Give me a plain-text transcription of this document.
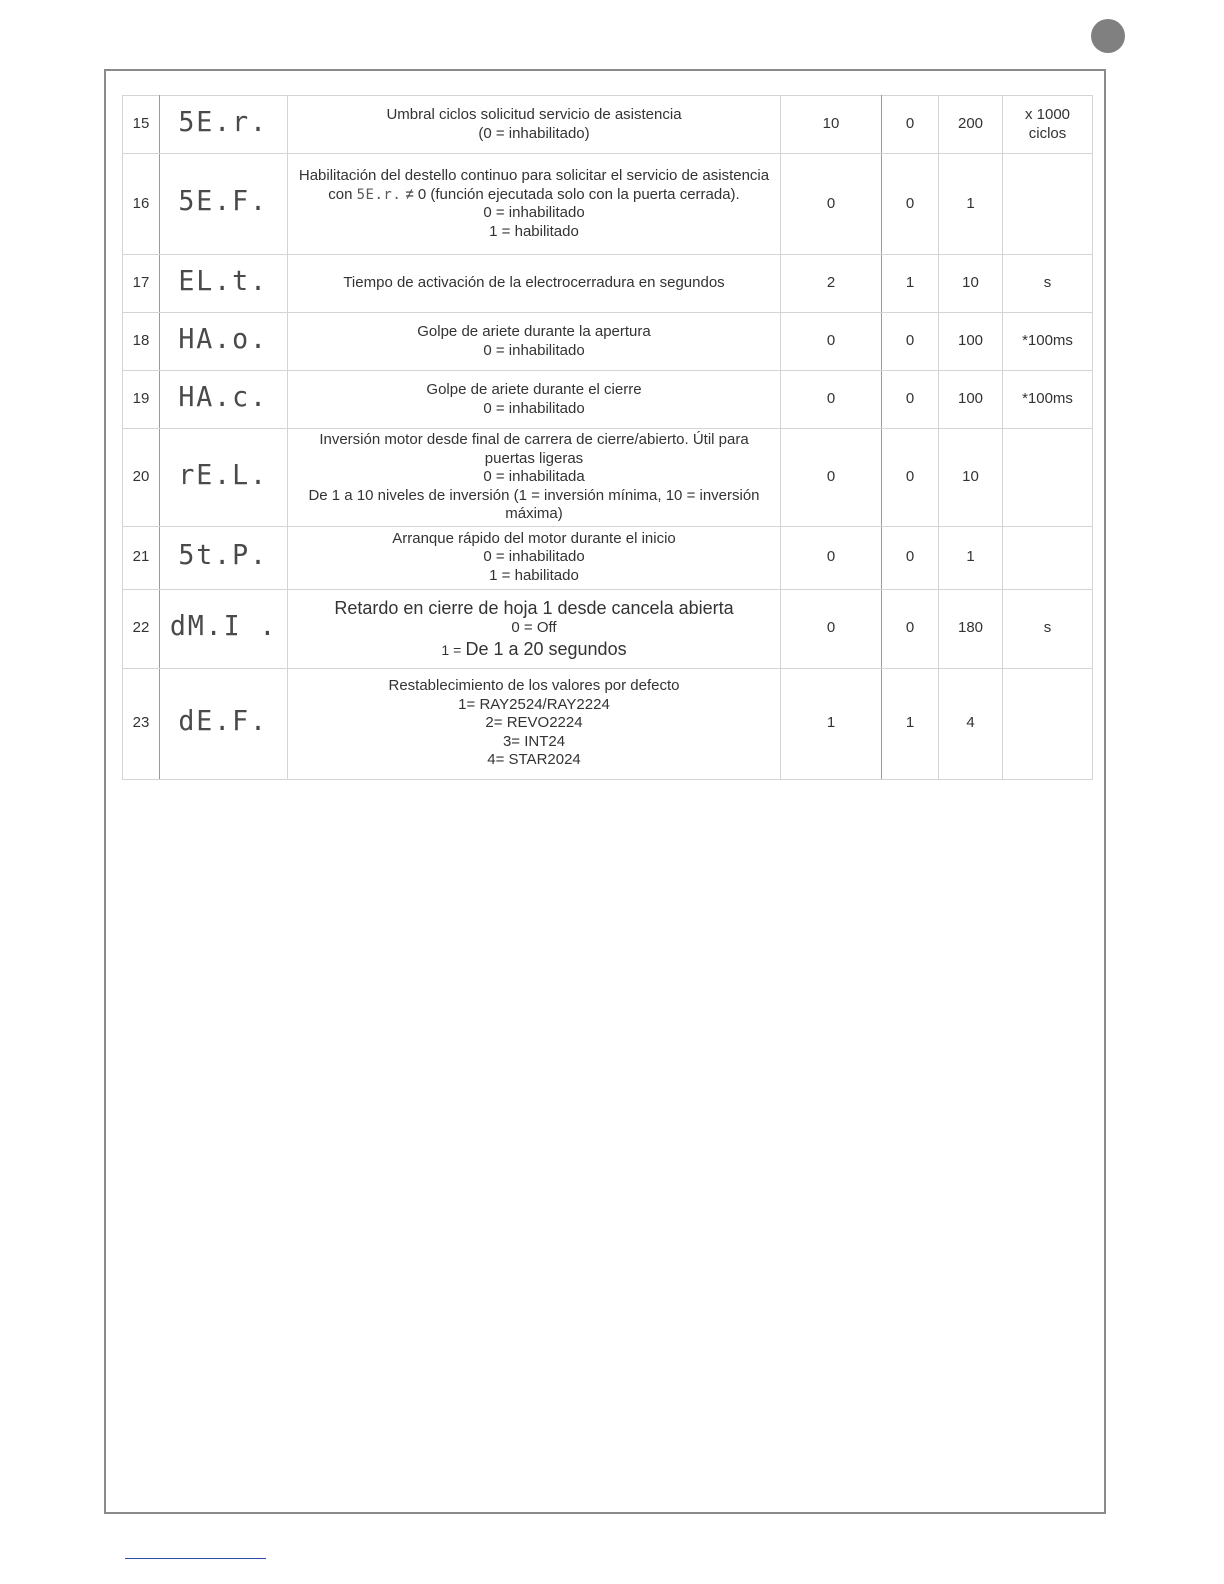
15	5E.r.	Umbral ciclos solicitud servicio de asistencia
(0 = inhabilitado)	10	0	200	x 1000 ciclos
16	5E.F.	Habilitación del destello continuo para solicitar el servicio de asistencia con 5E.r. ≠ 0 (función ejecutada solo con la puerta cerrada).
0 = inhabilitado
1 = habilitado	0	0	1	
17	EL.t.	Tiempo de activación de la electrocerradura en segundos	2	1	10	s
18	HA.o.	Golpe de ariete durante la apertura
0 = inhabilitado	0	0	100	*100ms
19	HA.c.	Golpe de ariete durante el cierre
0 = inhabilitado	0	0	100	*100ms
20	rE.L.	Inversión motor desde final de carrera de cierre/abierto. Útil para puertas ligeras
0 = inhabilitada
De 1 a 10 niveles de inversión (1 = inversión mínima, 10 = inversión máxima)	0	0	10	
21	5t.P.	Arranque rápido del motor durante el inicio
0 = inhabilitado
1 = habilitado	0	0	1	
22	dM.I .	Retardo en cierre de hoja 1 desde cancela abierta
0 = Off
1 = De 1 a 20 segundos	0	0	180	s
23	dE.F.	Restablecimiento de los valores por defecto
1= RAY2524/RAY2224
2= REVO2224
3= INT24
4= STAR2024	1	1	4	
